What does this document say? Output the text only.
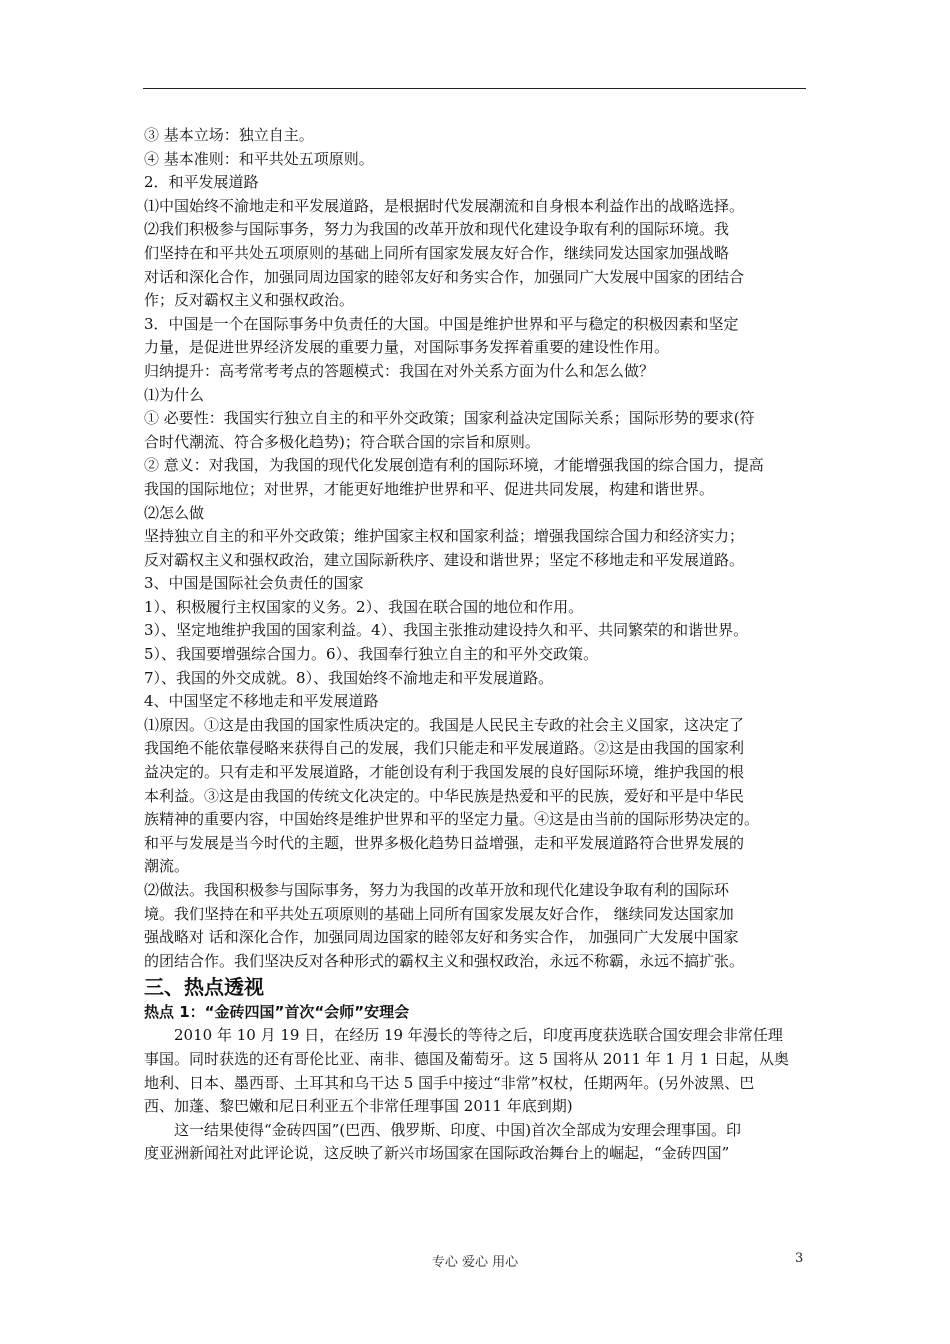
③ 基本立场：独立自主。
④ 基本准则：和平共处五项原则。
2．和平发展道路
⑴中国始终不渝地走和平发展道路，是根据时代发展潮流和自身根本利益作出的战略选择。
⑵我们积极参与国际事务，努力为我国的改革开放和现代化建设争取有利的国际环境。我
们坚持在和平共处五项原则的基础上同所有国家发展友好合作，继续同发达国家加强战略
对话和深化合作，加强同周边国家的睦邻友好和务实合作，加强同广大发展中国家的团结合
作；反对霸权主义和强权政治。
3．中国是一个在国际事务中负责任的大国。中国是维护世界和平与稳定的积极因素和坚定
力量，是促进世界经济发展的重要力量，对国际事务发挥着重要的建设性作用。
归纳提升：高考常考考点的答题模式：我国在对外关系方面为什么和怎么做？
⑴为什么
① 必要性：我国实行独立自主的和平外交政策；国家利益决定国际关系；国际形势的要求(符
合时代潮流、符合多极化趋势)；符合联合国的宗旨和原则。
② 意义：对我国，为我国的现代化发展创造有利的国际环境，才能增强我国的综合国力，提高
我国的国际地位；对世界，才能更好地维护世界和平、促进共同发展，构建和谐世界。
⑵怎么做
坚持独立自主的和平外交政策；维护国家主权和国家利益；增强我国综合国力和经济实力；
反对霸权主义和强权政治，建立国际新秩序、建设和谐世界；坚定不移地走和平发展道路。
3、中国是国际社会负责任的国家
1）、积极履行主权国家的义务。2）、我国在联合国的地位和作用。
3）、坚定地维护我国的国家利益。4）、我国主张推动建设持久和平、共同繁荣的和谐世界。
5）、我国要增强综合国力。6）、我国奉行独立自主的和平外交政策。
7）、我国的外交成就。8）、我国始终不渝地走和平发展道路。
4、中国坚定不移地走和平发展道路
⑴原因。①这是由我国的国家性质决定的。我国是人民民主专政的社会主义国家，这决定了
我国绝不能依靠侵略来获得自己的发展，我们只能走和平发展道路。②这是由我国的国家利
益决定的。只有走和平发展道路，才能创设有利于我国发展的良好国际环境，维护我国的根
本利益。③这是由我国的传统文化决定的。中华民族是热爱和平的民族，爱好和平是中华民
族精神的重要内容，中国始终是维护世界和平的坚定力量。④这是由当前的国际形势决定的。
和平与发展是当今时代的主题，世界多极化趋势日益增强，走和平发展道路符合世界发展的
潮流。
⑵做法。我国积极参与国际事务，努力为我国的改革开放和现代化建设争取有利的国际环
境。我们坚持在和平共处五项原则的基础上同所有国家发展友好合作， 继续同发达国家加
强战略对 话和深化合作，加强同周边国家的睦邻友好和务实合作， 加强同广大发展中国家
的团结合作。我们坚决反对各种形式的霸权主义和强权政治，永远不称霸，永远不搞扩张。
三、热点透视
热点 1：“金砖四国”首次“会师”安理会
2010 年 10 月 19 日，在经历 19 年漫长的等待之后，印度再度获选联合国安理会非常任理
事国。同时获选的还有哥伦比亚、南非、德国及葡萄牙。这 5 国将从 2011 年 1 月 1 日起，从奥
地利、日本、墨西哥、土耳其和乌干达 5 国手中接过“非常”权杖，任期两年。(另外波黑、巴
西、加蓬、黎巴嫩和尼日利亚五个非常任理事国 2011 年底到期)
这一结果使得“金砖四国”(巴西、俄罗斯、印度、中国)首次全部成为安理会理事国。印
度亚洲新闻社对此评论说，这反映了新兴市场国家在国际政治舞台上的崛起，“金砖四国”
专心 爱心 用心	3
